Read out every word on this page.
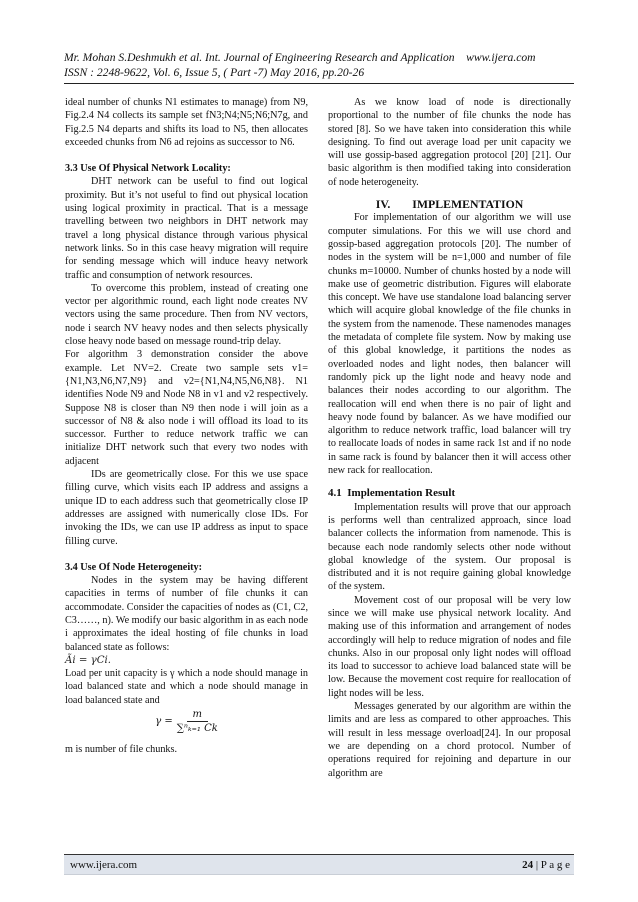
Mr. Mohan S.Deshmukh et al. Int. Journal of Engineering Research and Application    www.ijera.com
ISSN : 2248-9622, Vol. 6, Issue 5, ( Part -7) May 2016, pp.20-26

ideal number of chunks N1 estimates to manage) from N9, Fig.2.4 N4 collects its sample set fN3;N4;N5;N6;N7g, and Fig.2.5 N4 departs and shifts its load to N5, then allocates exceeded chunks from N6 ad rejoins as successor to N6.

3.3 Use Of Physical Network Locality:

DHT network can be useful to find out logical proximity. But it’s not useful to find out physical location using logical proximity in practical. That is a message travelling between two neighbors in DHT network may travel a long physical distance through various physical network links. So in this case heavy migration will require for sending message which will induce heavy network traffic and consumption of network resources.

To overcome this problem, instead of creating one vector per algorithmic round, each light node creates NV vectors using the same procedure. Then from NV vectors, node i search NV heavy nodes and then selects physically close heavy node based on message round-trip delay.

For algorithm 3 demonstration consider the above example. Let NV=2. Create two sample sets v1={N1,N3,N6,N7,N9} and v2={N1,N4,N5,N6,N8}. N1 identifies Node N9 and Node N8 in v1 and v2 respectively. Suppose N8 is closer than N9 then node i will join as a successor of N8 & also node i will offload its load to its successor. Further to reduce network traffic we can initialize DHT network such that every two nodes with adjacent

IDs are geometrically close. For this we use space filling curve, which visits each IP address and assigns a unique ID to each address such that geometrically close IP addresses are assigned with numerically close IDs. For invoking the IDs, we can use IP address as input to space filling curve.

3.4 Use Of Node Heterogeneity:

Nodes in the system may be having different capacities in terms of number of file chunks it can accommodate. Consider the capacities of nodes as (C1, C2, C3……, n). We modify our basic algorithm in as each node i approximates the ideal hosting of file chunks in load balanced state as follows:

Ãi = γCi.

Load per unit capacity is γ which a node should manage in load balanced state and which a node should manage in load balanced state and

$\gamma = \frac{m}{\text{∑ⁿₖ₌₁ Ck}}$

m is number of file chunks.

As we know load of node is directionally proportional to the number of file chunks the node has stored [8]. So we have taken into consideration this while designing. To find out average load per unit capacity we will use gossip-based aggregation protocol [20] [21]. Our basic algorithm is then modified taking into consideration of node heterogeneity.

IV. IMPLEMENTATION

For implementation of our algorithm we will use computer simulations. For this we will use chord and gossip-based aggregation protocols [20]. The number of nodes in the system will be n=1,000 and number of file chunks m=10000. Number of chunks hosted by a node will make use of geometric distribution. Figures will elaborate this concept. We have use standalone load balancing server which will acquire global knowledge of the file chunks in the system from the namenode. These namenodes manages the metadata of complete file system. Now by making use of this global knowledge, it partitions the nodes as overloaded nodes and light nodes, then balancer will randomly pick up the light node and heavy node and balances their nodes according to our algorithm. The reallocation will end when there is no pair of light and heavy node found by balancer. As we have modified our algorithm to reduce network traffic, load balancer will try to reallocate loads of nodes in same rack 1st and if no node in same rack is found by balancer then it will access other new rack for reallocation.

4.1  Implementation Result

Implementation results will prove that our approach is performs well than centralized approach, since load balancer collects the information from namenode. This is because each node randomly selects other node without global knowledge of the system. Our proposal is distributed and it is not require gaining global knowledge of the system.

Movement cost of our proposal will be very low since we will make use physical network locality. And making use of this information and arrangement of nodes accordingly will help to reduce migration of nodes and file chunks. Also in our proposal only light nodes will offload its load to successor to achieve load balanced state will be low. Because the movement cost require for reallocation of light nodes will be less.

Messages generated by our algorithm are within the limits and are less as compared to other approaches. This will result in less message overload[24]. In our proposal we are depending on a chord protocol. Number of operations required for rejoining and departure in our algorithm are

www.ijera.com	24 | P a g e
